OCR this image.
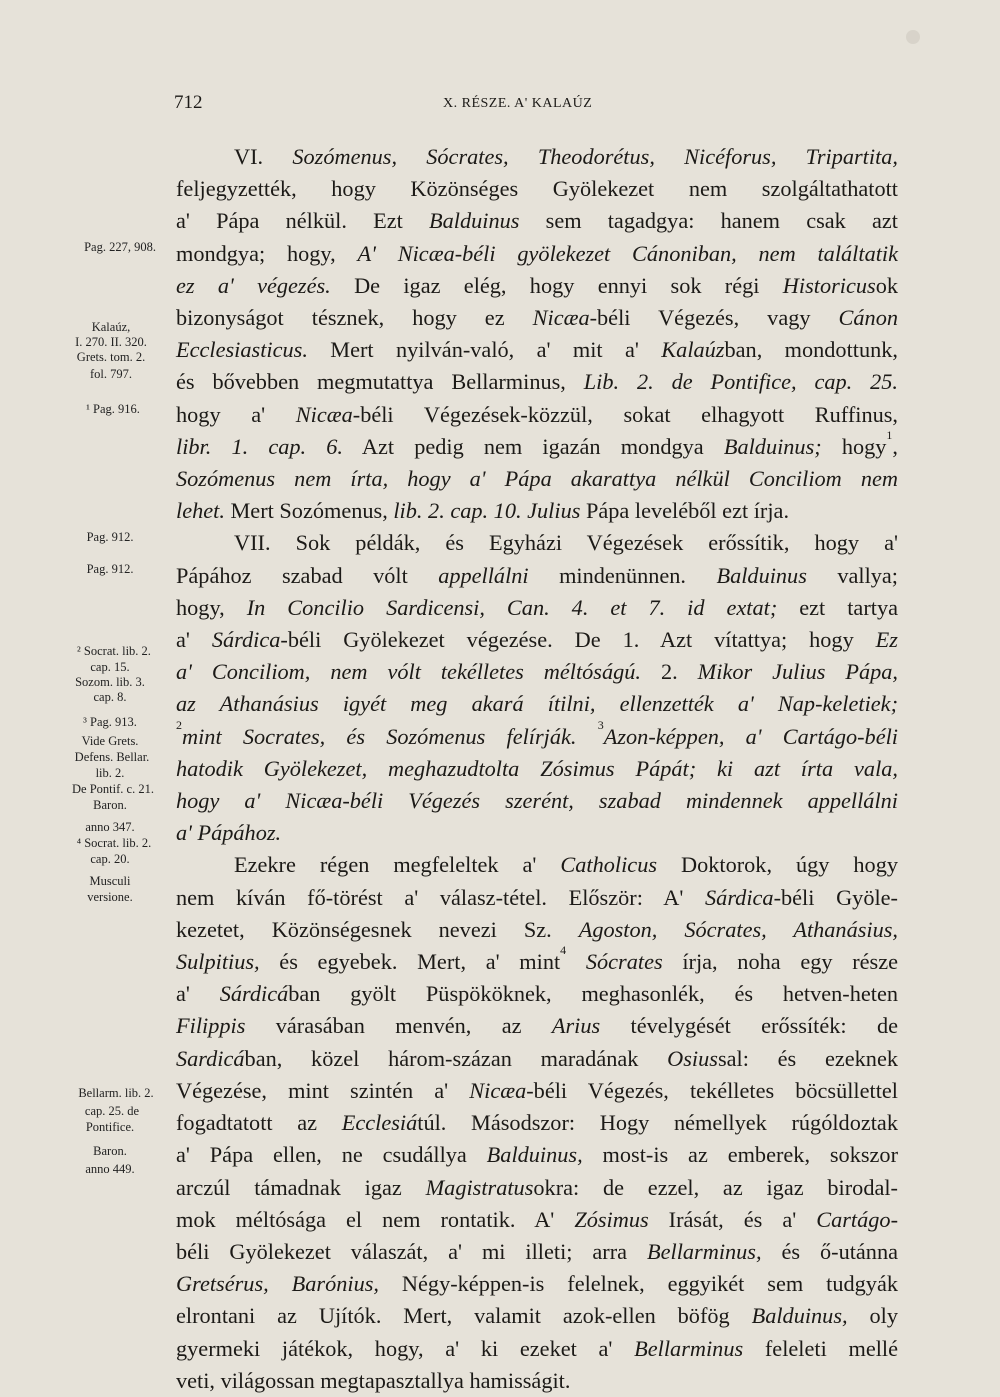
712	X. RÉSZE. A' KALAÚZ
Pag. 227, 908.
Kalaúz,
I. 270. II. 320.
Grets. tom. 2.
fol. 797.
¹ Pag. 916.
Pag. 912.
Pag. 912.
² Socrat. lib. 2.
cap. 15.
Sozom. lib. 3.
cap. 8.
³ Pag. 913.
Vide Grets.
Defens. Bellar.
lib. 2.
De Pontif. c. 21.
Baron.
anno 347.
⁴ Socrat. lib. 2.
cap. 20.
Musculi
versione.
Bellarm. lib. 2.
cap. 25. de
Pontifice.
Baron.
anno 449.
VI. Sozómenus, Sócrates, Theodorétus, Nicéforus, Tripartita,
feljegyzették, hogy Közönséges Gyölekezet nem szolgáltathatott
a' Pápa nélkül. Ezt Balduinus sem tagadgya: hanem csak azt
mondgya; hogy, A' Nicæa-béli gyölekezet Cánoniban, nem találtatik
ez a' végezés. De igaz elég, hogy ennyi sok régi Historicusok
bizonyságot tésznek, hogy ez Nicæa-béli Végezés, vagy Cánon
Ecclesiasticus. Mert nyilván-való, a' mit a' Kalaúzban, mondottunk,
és bővebben megmutattya Bellarminus, Lib. 2. de Pontifice, cap. 25.
hogy a' Nicæa-béli Végezések-közzül, sokat elhagyott Ruffinus,
libr. 1. cap. 6. Azt pedig nem igazán mondgya Balduinus; hogy$^1$,
Sozómenus nem írta, hogy a' Pápa akarattya nélkül Conciliom nem
lehet. Mert Sozómenus, lib. 2. cap. 10. Julius Pápa leveléből ezt írja.
VII. Sok példák, és Egyházi Végezések erőssítik, hogy a'
Pápához szabad vólt appellálni mindenünnen. Balduinus vallya;
hogy, In Concilio Sardicensi, Can. 4. et 7. id extat; ezt tartya
a' Sárdica-béli Gyölekezet végezése. De 1. Azt vítattya; hogy Ez
a' Conciliom, nem vólt tekélletes méltóságú. 2. Mikor Julius Pápa,
az Athanásius igyét meg akará ítilni, ellenzették a' Nap-keletiek;
$^2$mint Socrates, és Sozómenus felírják. $^3$Azon-képpen, a' Cartágo-béli
hatodik Gyölekezet, meghazudtolta Zósimus Pápát; ki azt írta vala,
hogy a' Nicæa-béli Végezés szerént, szabad mindennek appellálni
a' Pápához.
Ezekre régen megfeleltek a' Catholicus Doktorok, úgy hogy
nem kíván fő-törést a' válasz-tétel. Először: A' Sárdica-béli Gyöle-
kezetet, Közönségesnek nevezi Sz. Agoston, Sócrates, Athanásius,
Sulpitius, és egyebek. Mert, a' mint$^4$ Sócrates írja, noha egy része
a' Sárdicában gyölt Püspököknek, meghasonlék, és hetven-heten
Filippis várasában menvén, az Arius tévelygését erőssíték: de
Sardicában, közel három-százan maradának Osiussal: és ezeknek
Végezése, mint szintén a' Nicæa-béli Végezés, tekélletes böcsüllettel
fogadtatott az Ecclesiátúl. Másodszor: Hogy némellyek rúgóldoztak
a' Pápa ellen, ne csudállya Balduinus, most-is az emberek, sokszor
arczúl támadnak igaz Magistratusokra: de ezzel, az igaz birodal-
mok méltósága el nem rontatik. A' Zósimus Irását, és a' Cartágo-
béli Gyölekezet válaszát, a' mi illeti; arra Bellarminus, és ő-utánna
Gretsérus, Barónius, Négy-képpen-is felelnek, eggyikét sem tudgyák
elrontani az Ujítók. Mert, valamit azok-ellen böfög Balduinus, oly
gyermeki játékok, hogy, a' ki ezeket a' Bellarminus feleleti mellé
veti, világossan megtapasztallya hamisságit.
